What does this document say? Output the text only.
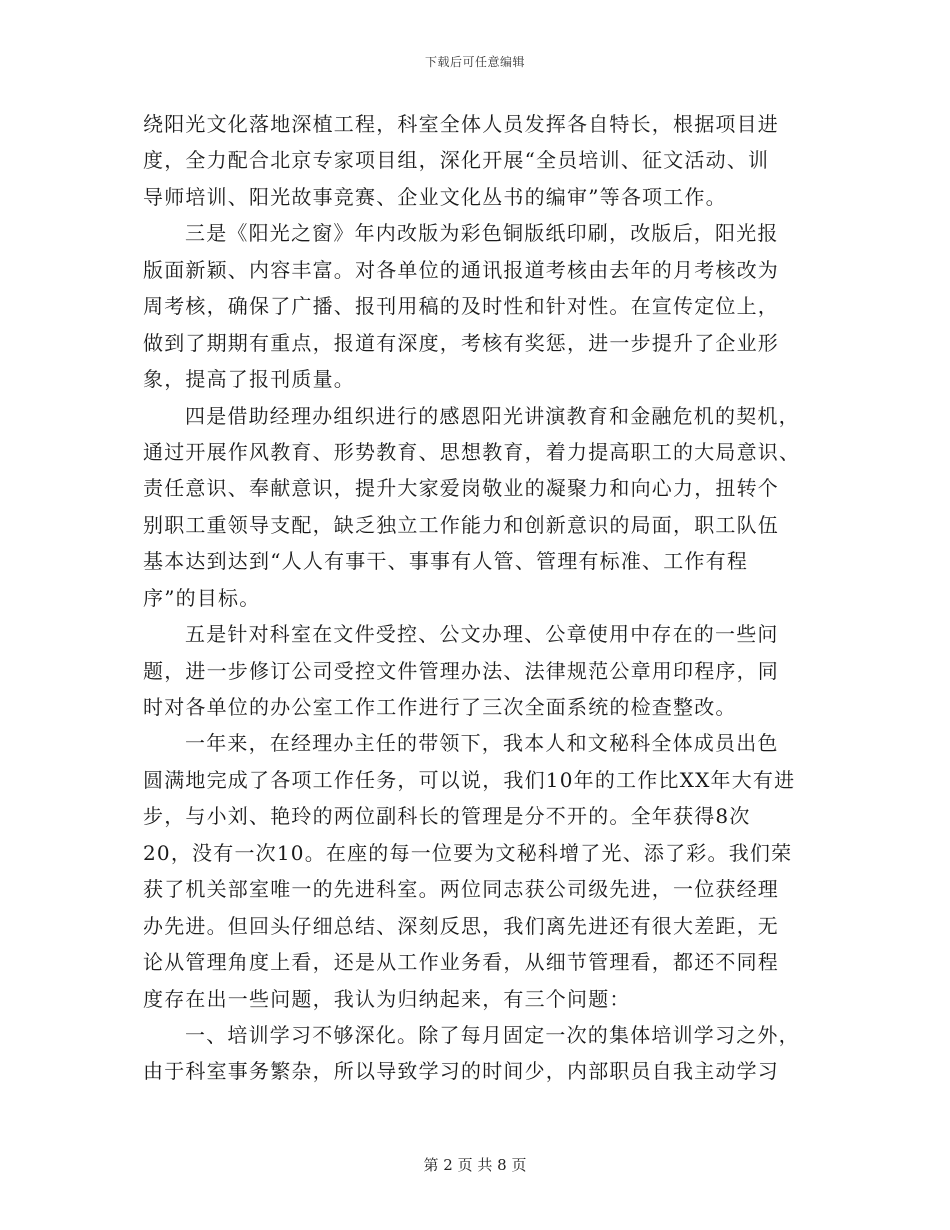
下载后可任意编辑
绕阳光文化落地深植工程，科室全体人员发挥各自特长，根据项目进
度，全力配合北京专家项目组，深化开展“全员培训、征文活动、训
导师培训、阳光故事竞赛、企业文化丛书的编审”等各项工作。
三是《阳光之窗》年内改版为彩色铜版纸印刷，改版后，阳光报
版面新颖、内容丰富。对各单位的通讯报道考核由去年的月考核改为
周考核，确保了广播、报刊用稿的及时性和针对性。在宣传定位上，
做到了期期有重点，报道有深度，考核有奖惩，进一步提升了企业形
象，提高了报刊质量。
四是借助经理办组织进行的感恩阳光讲演教育和金融危机的契机，
通过开展作风教育、形势教育、思想教育，着力提高职工的大局意识、
责任意识、奉献意识，提升大家爱岗敬业的凝聚力和向心力，扭转个
别职工重领导支配，缺乏独立工作能力和创新意识的局面，职工队伍
基本达到达到“人人有事干、事事有人管、管理有标准、工作有程
序”的目标。
五是针对科室在文件受控、公文办理、公章使用中存在的一些问
题，进一步修订公司受控文件管理办法、法律规范公章用印程序，同
时对各单位的办公室工作工作进行了三次全面系统的检查整改。
一年来，在经理办主任的带领下，我本人和文秘科全体成员出色
圆满地完成了各项工作任务，可以说，我们10年的工作比XX年大有进
步，与小刘、艳玲的两位副科长的管理是分不开的。全年获得8次
20，没有一次10。在座的每一位要为文秘科增了光、添了彩。我们荣
获了机关部室唯一的先进科室。两位同志获公司级先进，一位获经理
办先进。但回头仔细总结、深刻反思，我们离先进还有很大差距，无
论从管理角度上看，还是从工作业务看，从细节管理看，都还不同程
度存在出一些问题，我认为归纳起来，有三个问题：
一、培训学习不够深化。除了每月固定一次的集体培训学习之外，
由于科室事务繁杂，所以导致学习的时间少，内部职员自我主动学习
第 2 页 共 8 页
